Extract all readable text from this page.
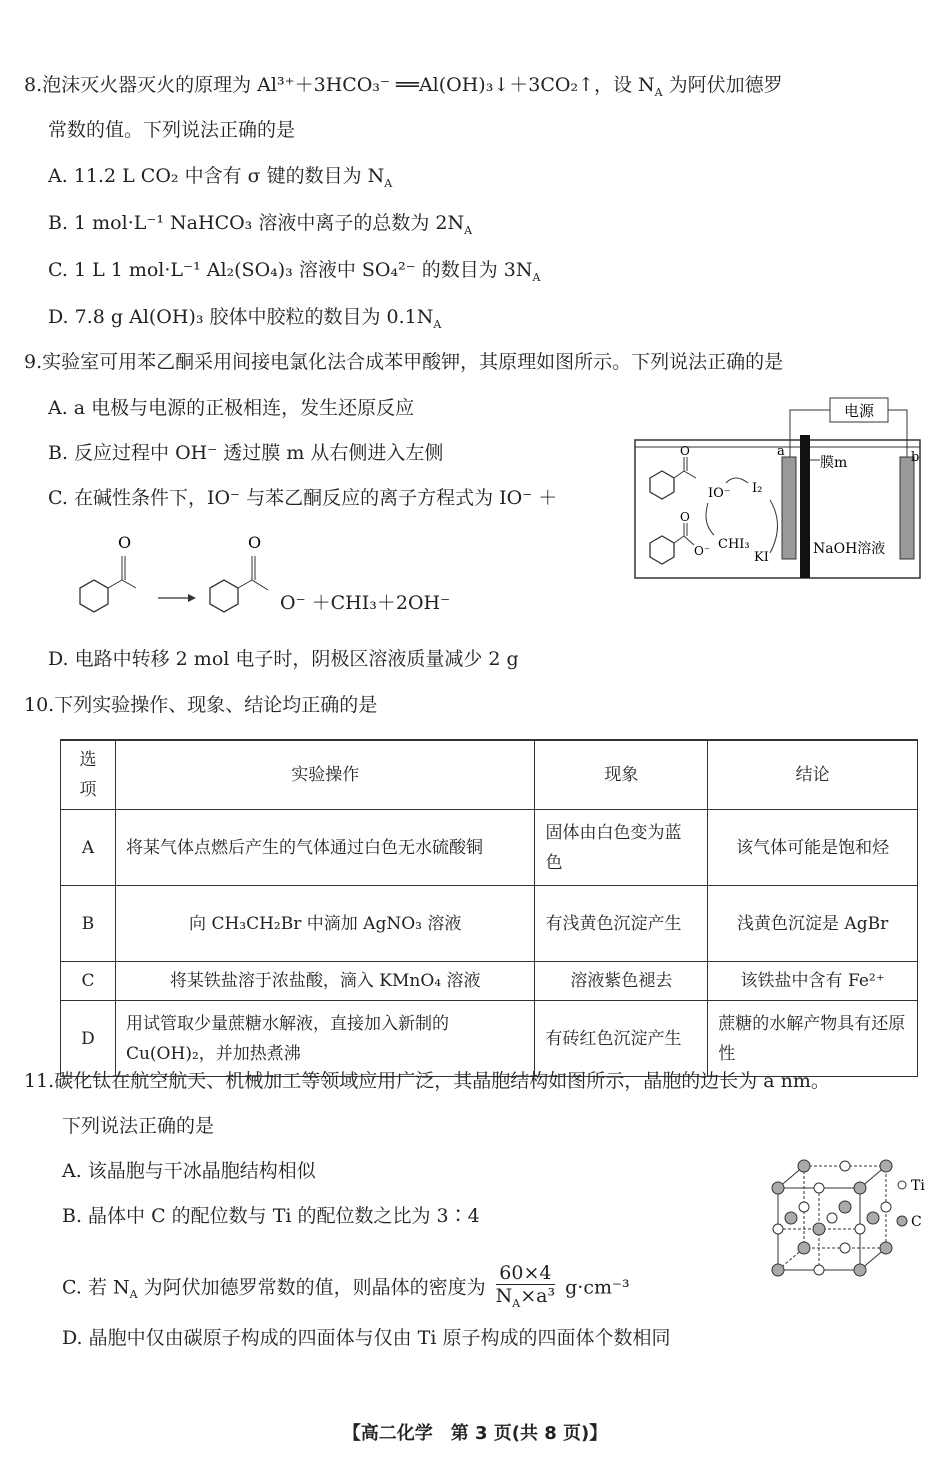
8.泡沫灭火器灭火的原理为 Al³⁺＋3HCO₃⁻ ══Al(OH)₃↓＋3CO₂↑，设 $N_A$ 为阿伏加德罗
常数的值。下列说法正确的是
A. 11.2 L CO₂ 中含有 σ 键的数目为 $N_A$
B. 1 mol·L⁻¹ NaHCO₃ 溶液中离子的总数为 $2N_A$
C. 1 L 1 mol·L⁻¹ Al₂(SO₄)₃ 溶液中 SO₄²⁻ 的数目为 $3N_A$
D. 7.8 g Al(OH)₃ 胶体中胶粒的数目为 $0.1N_A$
9.实验室可用苯乙酮采用间接电氯化法合成苯甲酸钾，其原理如图所示。下列说法正确的是
A. a 电极与电源的正极相连，发生还原反应
B. 反应过程中 OH⁻ 透过膜 m 从右侧进入左侧
C. 在碱性条件下，IO⁻ 与苯乙酮反应的离子方程式为 IO⁻ ＋
电源
a	b
膜m
NaOH溶液
O
O
O⁻
IO⁻ I₂
CHI₃
KI
O	O
O⁻ ＋CHI₃＋2OH⁻
D. 电路中转移 2 mol 电子时，阴极区溶液质量减少 2 g
10.下列实验操作、现象、结论均正确的是
选项	实验操作	现象	结论
A	将某气体点燃后产生的气体通过白色无水硫酸铜	固体由白色变为蓝色	该气体可能是饱和烃
B	向 CH₃CH₂Br 中滴加 AgNO₃ 溶液	有浅黄色沉淀产生	浅黄色沉淀是 AgBr
C	将某铁盐溶于浓盐酸，滴入 KMnO₄ 溶液	溶液紫色褪去	该铁盐中含有 Fe²⁺
D	用试管取少量蔗糖水解液，直接加入新制的 Cu(OH)₂，并加热煮沸	有砖红色沉淀产生	蔗糖的水解产物具有还原性
11.碳化钛在航空航天、机械加工等领域应用广泛，其晶胞结构如图所示，晶胞的边长为 a nm。
下列说法正确的是
A. 该晶胞与干冰晶胞结构相似
B. 晶体中 C 的配位数与 Ti 的配位数之比为 3∶4
C. 若 $N_A$ 为阿伏加德罗常数的值，则晶体的密度为 $\frac{60\times 4}{N_A\times a^3} g\cdot cm^{-3}$
D. 晶胞中仅由碳原子构成的四面体与仅由 Ti 原子构成的四面体个数相同
Ti
C
【高二化学　第 3 页(共 8 页)】
